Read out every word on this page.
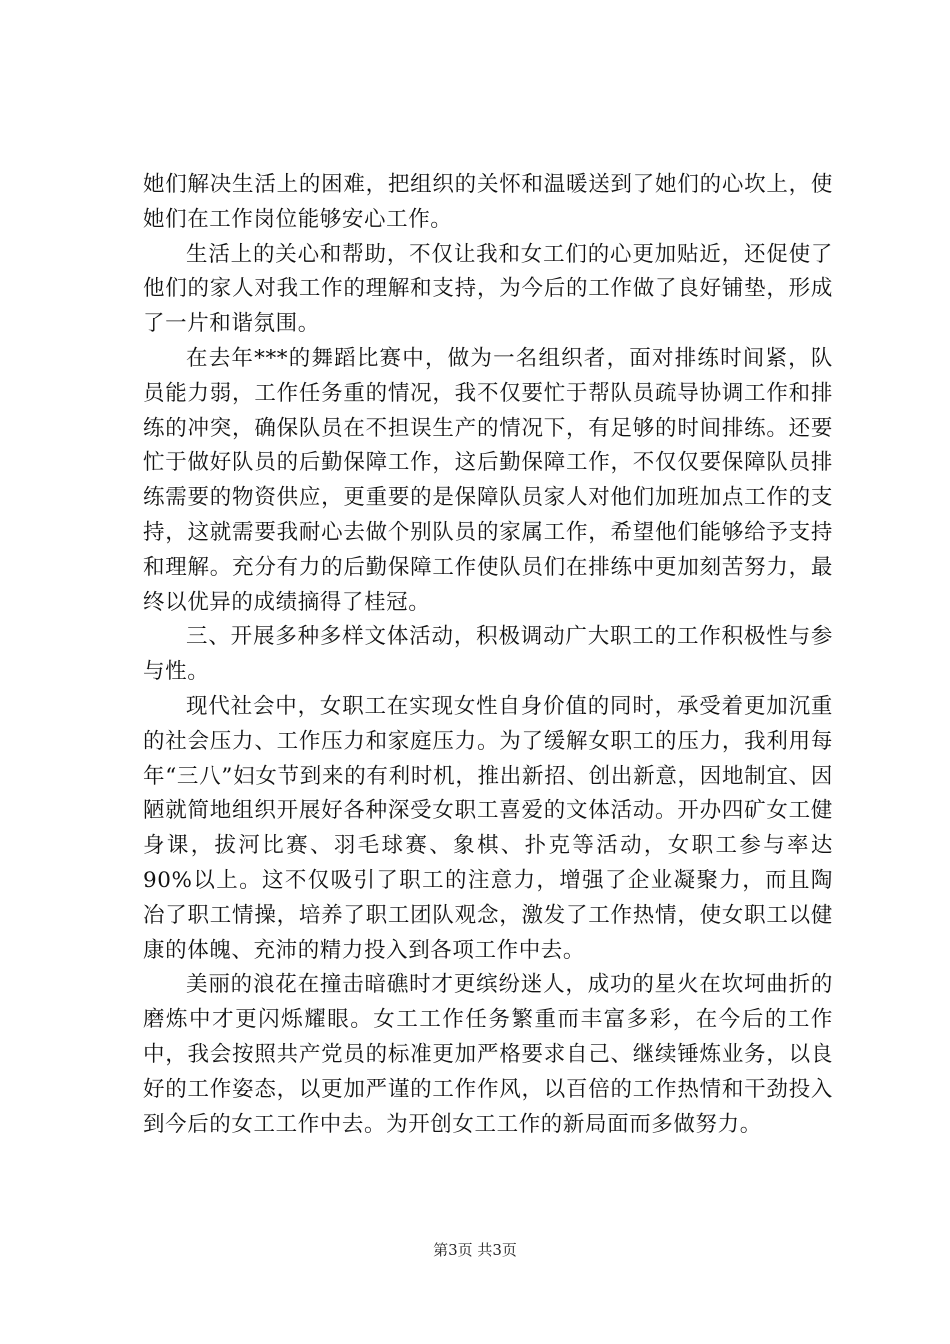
她们解决生活上的困难，把组织的关怀和温暖送到了她们的心坎上，使她们在工作岗位能够安心工作。

生活上的关心和帮助，不仅让我和女工们的心更加贴近，还促使了他们的家人对我工作的理解和支持，为今后的工作做了良好铺垫，形成了一片和谐氛围。

在去年***的舞蹈比赛中，做为一名组织者，面对排练时间紧，队员能力弱，工作任务重的情况，我不仅要忙于帮队员疏导协调工作和排练的冲突，确保队员在不担误生产的情况下，有足够的时间排练。还要忙于做好队员的后勤保障工作，这后勤保障工作，不仅仅要保障队员排练需要的物资供应，更重要的是保障队员家人对他们加班加点工作的支持，这就需要我耐心去做个别队员的家属工作，希望他们能够给予支持和理解。充分有力的后勤保障工作使队员们在排练中更加刻苦努力，最终以优异的成绩摘得了桂冠。

三、开展多种多样文体活动，积极调动广大职工的工作积极性与参与性。

现代社会中，女职工在实现女性自身价值的同时，承受着更加沉重的社会压力、工作压力和家庭压力。为了缓解女职工的压力，我利用每年“三八”妇女节到来的有利时机，推出新招、创出新意，因地制宜、因陋就简地组织开展好各种深受女职工喜爱的文体活动。开办四矿女工健身课，拔河比赛、羽毛球赛、象棋、扑克等活动，女职工参与率达90%以上。这不仅吸引了职工的注意力，增强了企业凝聚力，而且陶冶了职工情操，培养了职工团队观念，激发了工作热情，使女职工以健康的体魄、充沛的精力投入到各项工作中去。

美丽的浪花在撞击暗礁时才更缤纷迷人，成功的星火在坎坷曲折的磨炼中才更闪烁耀眼。女工工作任务繁重而丰富多彩，在今后的工作中，我会按照共产党员的标准更加严格要求自己、继续锤炼业务，以良好的工作姿态，以更加严谨的工作作风，以百倍的工作热情和干劲投入到今后的女工工作中去。为开创女工工作的新局面而多做努力。

第3页 共3页
